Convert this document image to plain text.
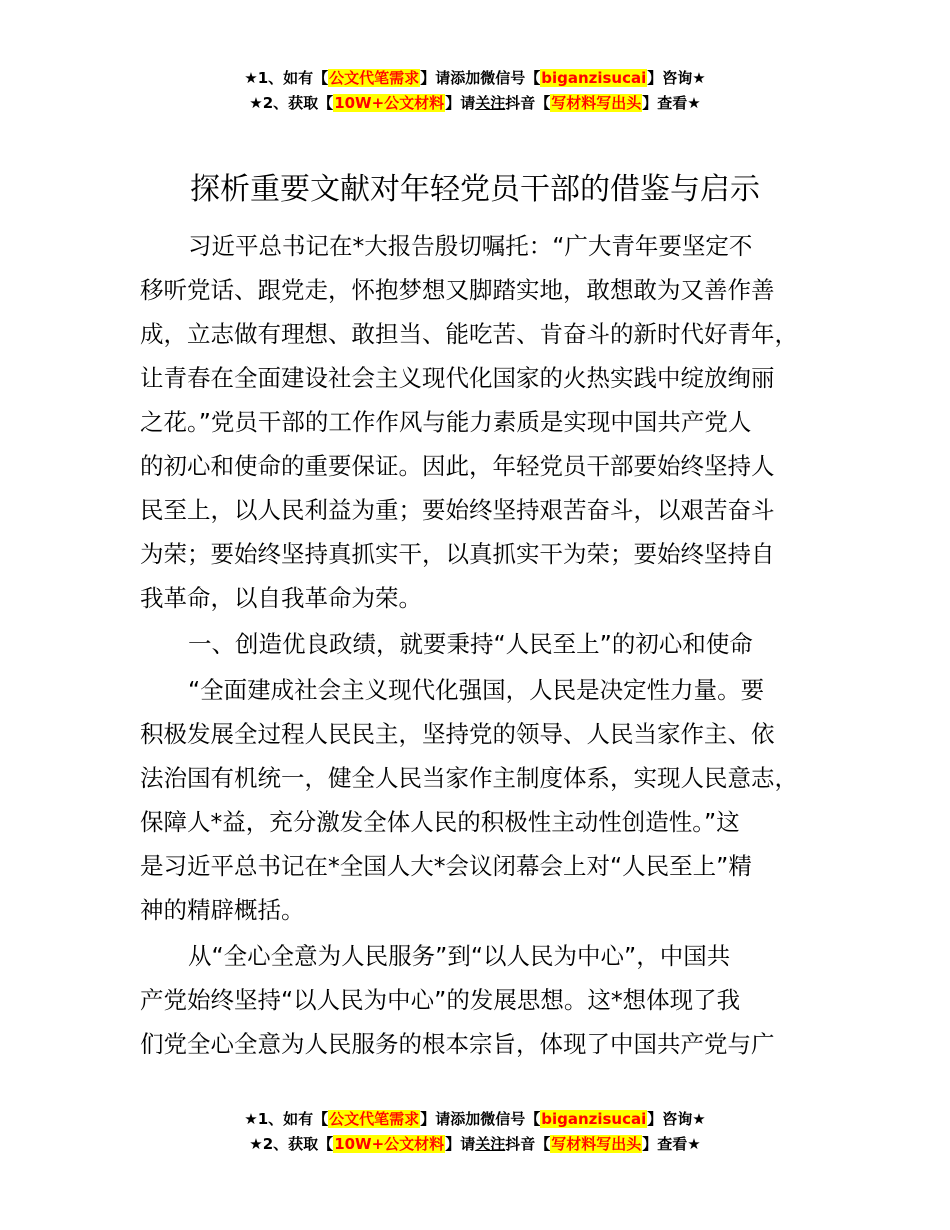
★1、如有【公文代笔需求】请添加微信号【biganzisucai】咨询★
★2、获取【10W+公文材料】请关注抖音【写材料写出头】查看★
探析重要文献对年轻党员干部的借鉴与启示

习近平总书记在*大报告殷切嘱托：“广大青年要坚定不
移听党话、跟党走，怀抱梦想又脚踏实地，敢想敢为又善作善
成，立志做有理想、敢担当、能吃苦、肯奋斗的新时代好青年，
让青春在全面建设社会主义现代化国家的火热实践中绽放绚丽
之花。”党员干部的工作作风与能力素质是实现中国共产党人
的初心和使命的重要保证。因此，年轻党员干部要始终坚持人
民至上，以人民利益为重；要始终坚持艰苦奋斗，以艰苦奋斗
为荣；要始终坚持真抓实干，以真抓实干为荣；要始终坚持自
我革命，以自我革命为荣。

一、创造优良政绩，就要秉持“人民至上”的初心和使命

“全面建成社会主义现代化强国，人民是决定性力量。要
积极发展全过程人民民主，坚持党的领导、人民当家作主、依
法治国有机统一，健全人民当家作主制度体系，实现人民意志，
保障人*益，充分激发全体人民的积极性主动性创造性。”这
是习近平总书记在*全国人大*会议闭幕会上对“人民至上”精
神的精辟概括。

从“全心全意为人民服务”到“以人民为中心”，中国共
产党始终坚持“以人民为中心”的发展思想。这*想体现了我
们党全心全意为人民服务的根本宗旨，体现了中国共产党与广

★1、如有【公文代笔需求】请添加微信号【biganzisucai】咨询★
★2、获取【10W+公文材料】请关注抖音【写材料写出头】查看★
